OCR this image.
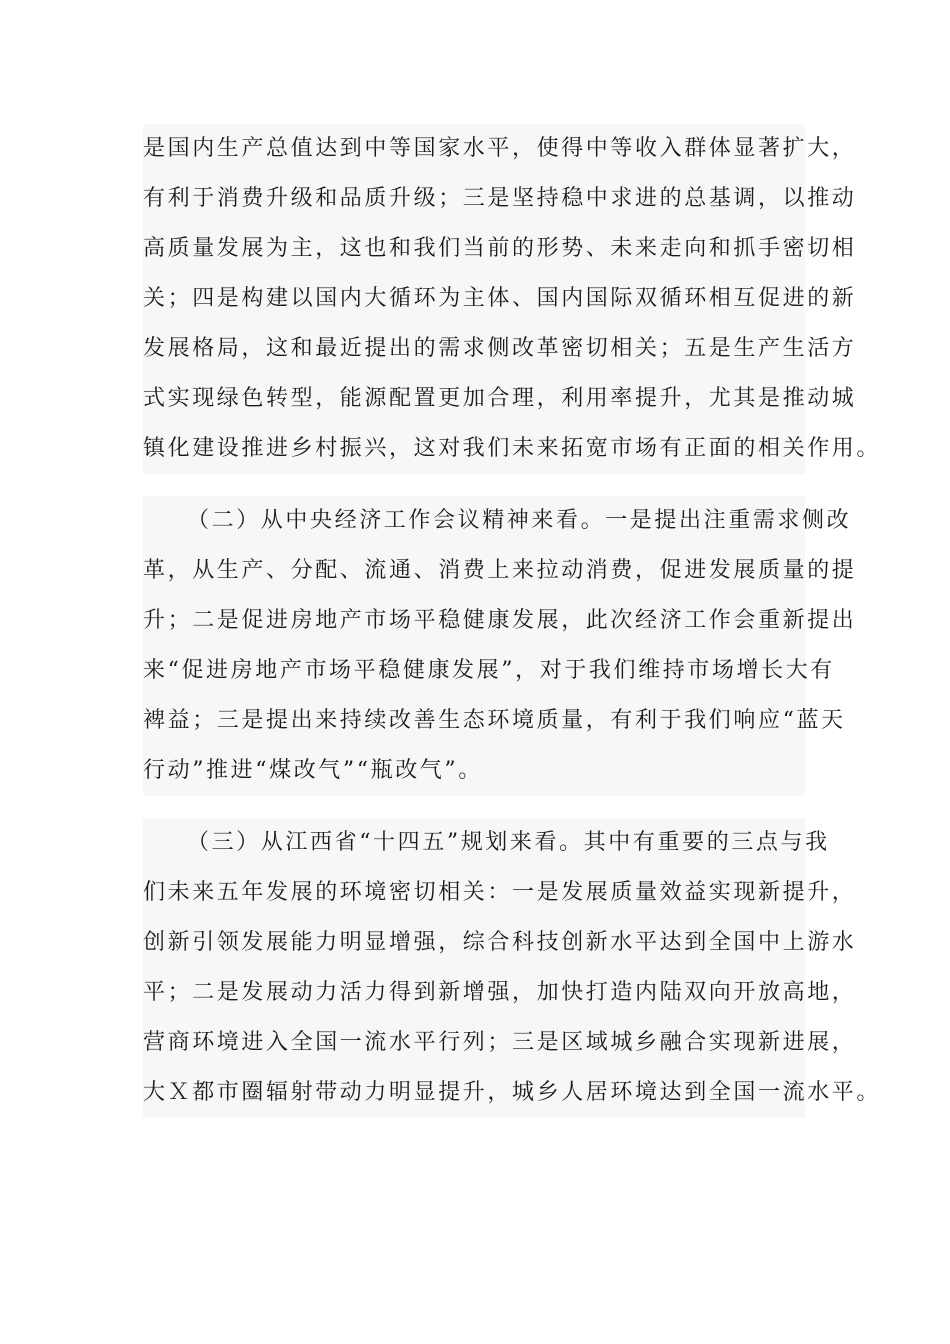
是国内生产总值达到中等国家水平，使得中等收入群体显著扩大，
有利于消费升级和品质升级；三是坚持稳中求进的总基调，以推动
高质量发展为主，这也和我们当前的形势、未来走向和抓手密切相
关；四是构建以国内大循环为主体、国内国际双循环相互促进的新
发展格局，这和最近提出的需求侧改革密切相关；五是生产生活方
式实现绿色转型，能源配置更加合理，利用率提升，尤其是推动城
镇化建设推进乡村振兴，这对我们未来拓宽市场有正面的相关作用。
（二）从中央经济工作会议精神来看。一是提出注重需求侧改
革，从生产、分配、流通、消费上来拉动消费，促进发展质量的提
升；二是促进房地产市场平稳健康发展，此次经济工作会重新提出
来“促进房地产市场平稳健康发展”，对于我们维持市场增长大有
裨益；三是提出来持续改善生态环境质量，有利于我们响应“蓝天
行动”推进“煤改气”“瓶改气”。
（三）从江西省“十四五”规划来看。其中有重要的三点与我
们未来五年发展的环境密切相关：一是发展质量效益实现新提升，
创新引领发展能力明显增强，综合科技创新水平达到全国中上游水
平；二是发展动力活力得到新增强，加快打造内陆双向开放高地，
营商环境进入全国一流水平行列；三是区域城乡融合实现新进展，
大Ｘ都市圈辐射带动力明显提升，城乡人居环境达到全国一流水平。
